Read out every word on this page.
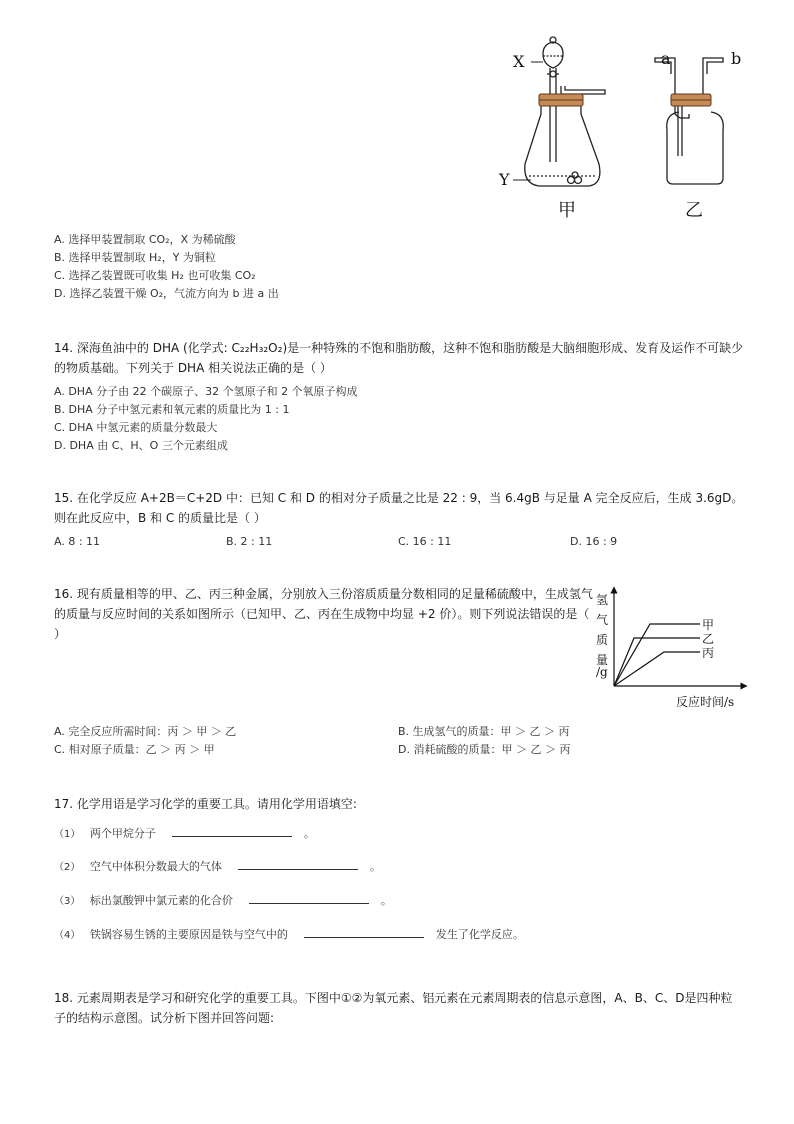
X
Y
甲
a	b
乙
A. 选择甲装置制取 CO₂，X 为稀硫酸
B. 选择甲装置制取 H₂，Y 为铜粒
C. 选择乙装置既可收集 H₂ 也可收集 CO₂
D. 选择乙装置干燥 O₂，气流方向为 b 进 a 出
14. 深海鱼油中的 DHA (化学式: C₂₂H₃₂O₂)是一种特殊的不饱和脂肪酸，这种不饱和脂肪酸是大脑细胞形成、发育及运作不可缺少的物质基础。下列关于 DHA 相关说法正确的是（ ）
A. DHA 分子由 22 个碳原子、32 个氢原子和 2 个氧原子构成
B. DHA 分子中氢元素和氧元素的质量比为 1 : 1
C. DHA 中氢元素的质量分数最大
D. DHA 由 C、H、O 三个元素组成
15. 在化学反应 A+2B＝C+2D 中：已知 C 和 D 的相对分子质量之比是 22 : 9，当 6.4gB 与足量 A 完全反应后，生成 3.6gD。则在此反应中，B 和 C 的质量比是（ ）
A. 8 : 11	B. 2 : 11	C. 16 : 11	D. 16 : 9
16. 现有质量相等的甲、乙、丙三种金属，分别放入三份溶质质量分数相同的足量稀硫酸中，生成氢气的质量与反应时间的关系如图所示（已知甲、乙、丙在生成物中均显 +2 价）。则下列说法错误的是（ ）
氢
气
质
量
/g
甲
乙
丙
反应时间/s
A. 完全反应所需时间：丙 ＞ 甲 ＞ 乙	B. 生成氢气的质量：甲 ＞ 乙 ＞ 丙
C. 相对原子质量：乙 ＞ 丙 ＞ 甲	D. 消耗硫酸的质量：甲 ＞ 乙 ＞ 丙
17. 化学用语是学习化学的重要工具。请用化学用语填空:
（1） 两个甲烷分子	。
（2） 空气中体积分数最大的气体	。
（3） 标出氯酸钾中氯元素的化合价	。
（4） 铁锅容易生锈的主要原因是铁与空气中的	发生了化学反应。
18. 元素周期表是学习和研究化学的重要工具。下图中①②为氧元素、铝元素在元素周期表的信息示意图，A、B、C、D是四种粒子的结构示意图。试分析下图并回答问题:
